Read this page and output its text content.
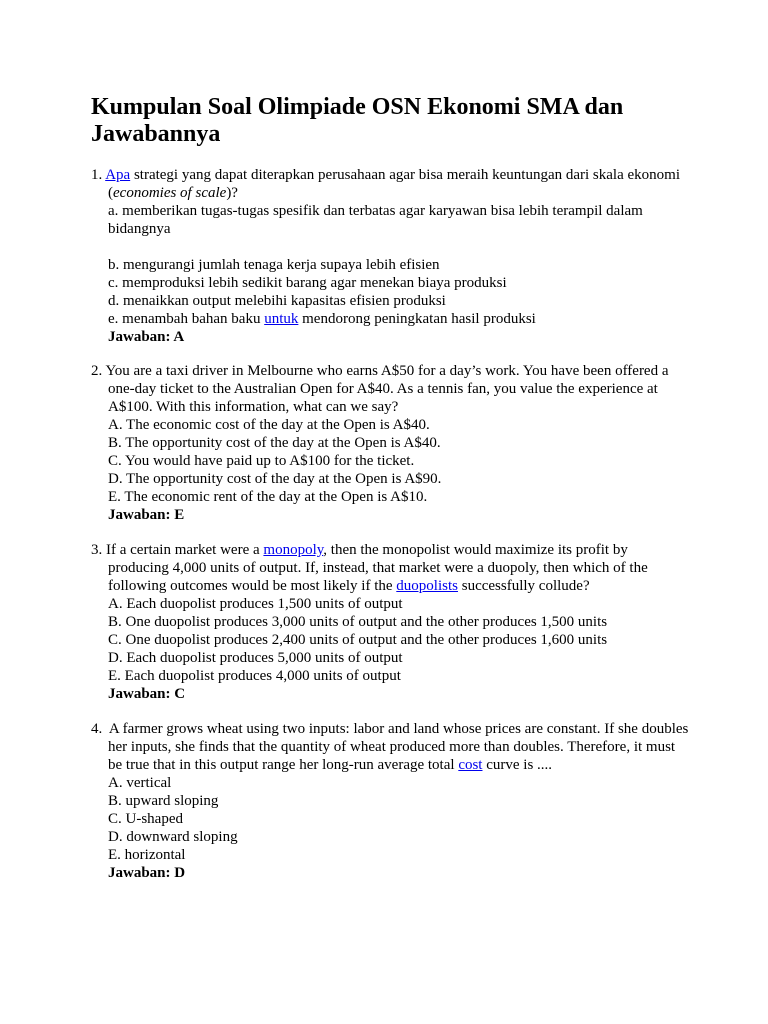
Kumpulan Soal Olimpiade OSN Ekonomi SMA dan Jawabannya

1. Apa strategi yang dapat diterapkan perusahaan agar bisa meraih keuntungan dari skala ekonomi (economies of scale)?

a. memberikan tugas-tugas spesifik dan terbatas agar karyawan bisa lebih terampil dalam bidangnya

b. mengurangi jumlah tenaga kerja supaya lebih efisien

c. memproduksi lebih sedikit barang agar menekan biaya produksi

d. menaikkan output melebihi kapasitas efisien produksi

e. menambah bahan baku untuk mendorong peningkatan hasil produksi

Jawaban: A

2. You are a taxi driver in Melbourne who earns A$50 for a day’s work. You have been offered a one-day ticket to the Australian Open for A$40. As a tennis fan, you value the experience at A$100. With this information, what can we say?

A. The economic cost of the day at the Open is A$40.

B. The opportunity cost of the day at the Open is A$40.

C. You would have paid up to A$100 for the ticket.

D. The opportunity cost of the day at the Open is A$90.

E. The economic rent of the day at the Open is A$10.

Jawaban: E

3. If a certain market were a monopoly, then the monopolist would maximize its profit by producing 4,000 units of output. If, instead, that market were a duopoly, then which of the following outcomes would be most likely if the duopolists successfully collude?

A. Each duopolist produces 1,500 units of output

B. One duopolist produces 3,000 units of output and the other produces 1,500 units

C. One duopolist produces 2,400 units of output and the other produces 1,600 units

D. Each duopolist produces 5,000 units of output

E. Each duopolist produces 4,000 units of output

Jawaban: C

4.  A farmer grows wheat using two inputs: labor and land whose prices are constant. If she doubles her inputs, she finds that the quantity of wheat produced more than doubles. Therefore, it must be true that in this output range her long-run average total cost curve is ....

A. vertical

B. upward sloping

C. U-shaped

D. downward sloping

E. horizontal

Jawaban: D
